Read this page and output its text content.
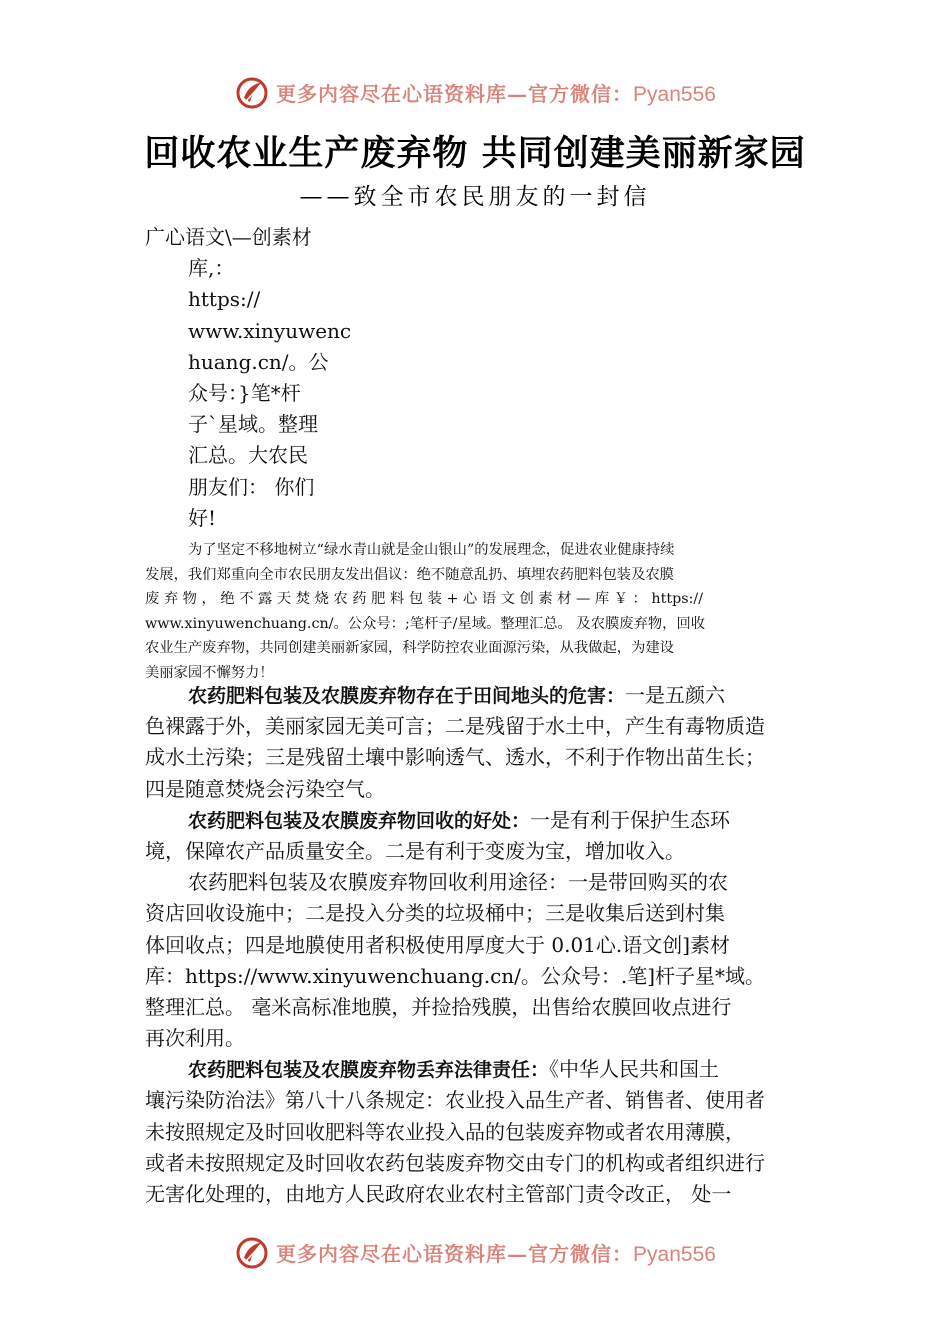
更多内容尽在心语资料库—官方微信：Pyan556
回收农业生产废弃物 共同创建美丽新家园
——致全市农民朋友的一封信
广心语文\—创素材
库,：
https://
www.xinyuwenc
huang.cn/。公
众号：}笔*杆
子`星域。整理
汇总。大农民
朋友们： 你们
好!
为了坚定不移地树立“绿水青山就是金山银山”的发展理念，促进农业健康持续
发展，我们郑重向全市农民朋友发出倡议：绝不随意乱扔、填埋农药肥料包装及农膜
废 弃 物 ， 绝 不 露 天 焚 烧 农 药 肥 料 包 装 + 心 语 文 创 素 材 — 库 ￥ ： https://
www.xinyuwenchuang.cn/。公众号：;笔杆子/星域。整理汇总。 及农膜废弃物，回收
农业生产废弃物，共同创建美丽新家园，科学防控农业面源污染，从我做起，为建设
美丽家园不懈努力！
农药肥料包装及农膜废弃物存在于田间地头的危害：一是五颜六
色裸露于外，美丽家园无美可言；二是残留于水土中，产生有毒物质造
成水土污染；三是残留土壤中影响透气、透水，不利于作物出苗生长；
四是随意焚烧会污染空气。
农药肥料包装及农膜废弃物回收的好处：一是有利于保护生态环
境，保障农产品质量安全。二是有利于变废为宝，增加收入。
农药肥料包装及农膜废弃物回收利用途径：一是带回购买的农
资店回收设施中；二是投入分类的垃圾桶中；三是收集后送到村集
体回收点；四是地膜使用者积极使用厚度大于 0.01心.语文创]素材
库：https://www.xinyuwenchuang.cn/。公众号：.笔]杆子星*域。
整理汇总。 毫米高标准地膜，并捡拾残膜，出售给农膜回收点进行
再次利用。
农药肥料包装及农膜废弃物丢弃法律责任：《中华人民共和国土
壤污染防治法》第八十八条规定：农业投入品生产者、销售者、使用者
未按照规定及时回收肥料等农业投入品的包装废弃物或者农用薄膜，
或者未按照规定及时回收农药包装废弃物交由专门的机构或者组织进行
无害化处理的，由地方人民政府农业农村主管部门责令改正， 处一
更多内容尽在心语资料库—官方微信：Pyan556
